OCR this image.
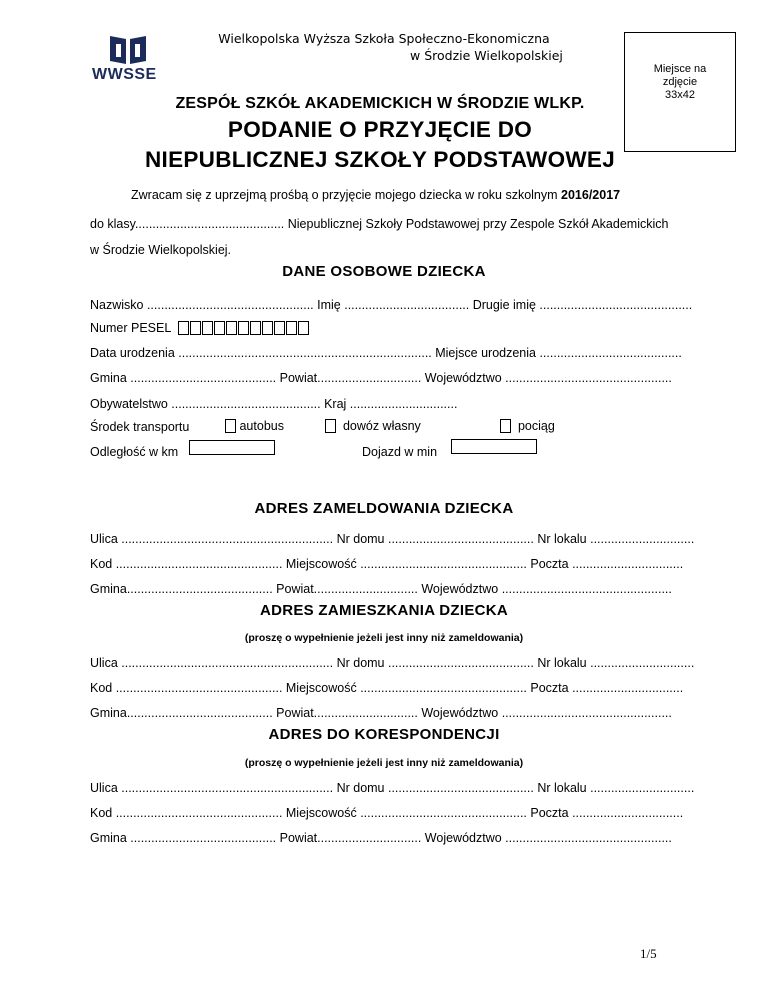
Wielkopolska Wyższa Szkoła Społeczno-Ekonomiczna
w Środzie Wielkopolskiej
WWSSE	Miejsce na
zdjęcie
33x42
ZESPÓŁ SZKÓŁ AKADEMICKICH W ŚRODZIE WLKP.
PODANIE O PRZYJĘCIE DO
NIEPUBLICZNEJ SZKOŁY PODSTAWOWEJ
Zwracam się z uprzejmą prośbą o przyjęcie mojego dziecka w roku szkolnym 2016/2017
do klasy........................................... Niepublicznej Szkoły Podstawowej przy Zespole Szkół Akademickich
w Środzie Wielkopolskiej.
DANE OSOBOWE DZIECKA
Nazwisko ................................................ Imię .................................... Drugie imię ............................................
Numer PESEL
Data urodzenia ......................................................................... Miejsce urodzenia .........................................
Gmina .......................................... Powiat.............................. Województwo ................................................
Obywatelstwo ........................................... Kraj ...............................
Środek transportu	autobus	dowóz własny	pociąg
Odległość w km	Dojazd w min
ADRES ZAMELDOWANIA DZIECKA
Ulica ............................................................. Nr domu .......................................... Nr lokalu ..............................
Kod ................................................ Miejscowość ................................................ Poczta ................................
Gmina.......................................... Powiat.............................. Województwo .................................................
ADRES ZAMIESZKANIA DZIECKA
(proszę o wypełnienie jeżeli jest inny niż zameldowania)
Ulica ............................................................. Nr domu .......................................... Nr lokalu ..............................
Kod ................................................ Miejscowość ................................................ Poczta ................................
Gmina.......................................... Powiat.............................. Województwo .................................................
ADRES DO KORESPONDENCJI
(proszę o wypełnienie jeżeli jest inny niż zameldowania)
Ulica ............................................................. Nr domu .......................................... Nr lokalu ..............................
Kod ................................................ Miejscowość ................................................ Poczta ................................
Gmina .......................................... Powiat.............................. Województwo ................................................
1/5
